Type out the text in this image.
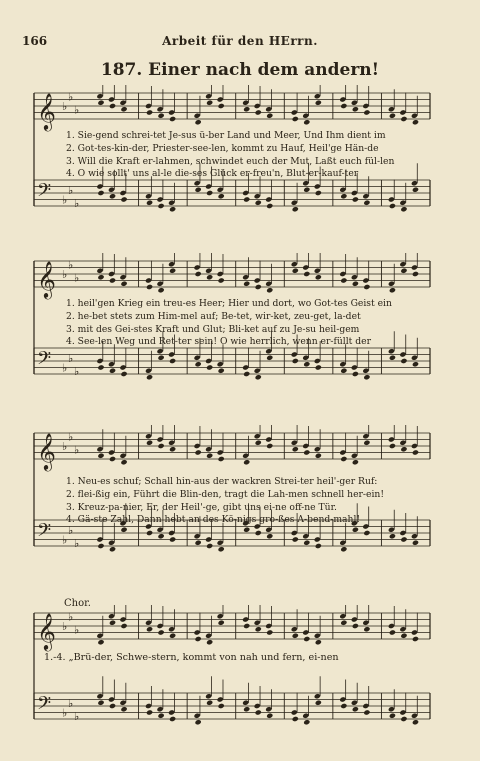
166	Arbeit für den HErrn.
187. Einer nach dem andern!
𝄞 ♭
♭
♭
𝄢 ♭
♭
♭
1. Sie-gend schrei-tet Je-sus ü-ber Land und Meer, Und Ihm dient im
2. Got-tes-kin-der, Priester-see-len, kommt zu Hauf, Heil'ge Hän-de
3. Will die Kraft er-lahmen, schwindet euch der Mut, Laßt euch fül-len
4. O wie sollt' uns al-le die-ses Glück er-freu'n, Blut-er-kauf-ter
𝄞 ♭
♭
♭
𝄢 ♭
♭
♭
1. heil'gen Krieg ein treu-es Heer; Hier und dort, wo Got-tes Geist ein
2. he-bet stets zum Him-mel auf; Be-tet, wir-ket, zeu-get, la-det
3. mit des Gei-stes Kraft und Glut; Bli-ket auf zu Je-su heil-gem
4. See-len Weg und Ret-ter sein! O wie herrlich, wenn er-füllt der
𝄞 ♭
♭
♭
𝄢 ♭
♭
♭
1. Neu-es schuf; Schall hin-aus der wackren Strei-ter heil'-ger Ruf:
2. flei-ßig ein, Führt die Blin-den, tragt die Lah-men schnell her-ein!
3. Kreuz-pa-nier, Er, der Heil'-ge, gibt uns ei-ne off-ne Tür.
4. Gä-ste Zahl, Dann hebt an des Kö-nigs gro-ßes A-bend-mahl!
Chor.
𝄞 ♭
♭
♭
𝄢 ♭
♭
♭
1.-4. „Brü-der, Schwe-stern, kommt von nah und fern, ei-nen
